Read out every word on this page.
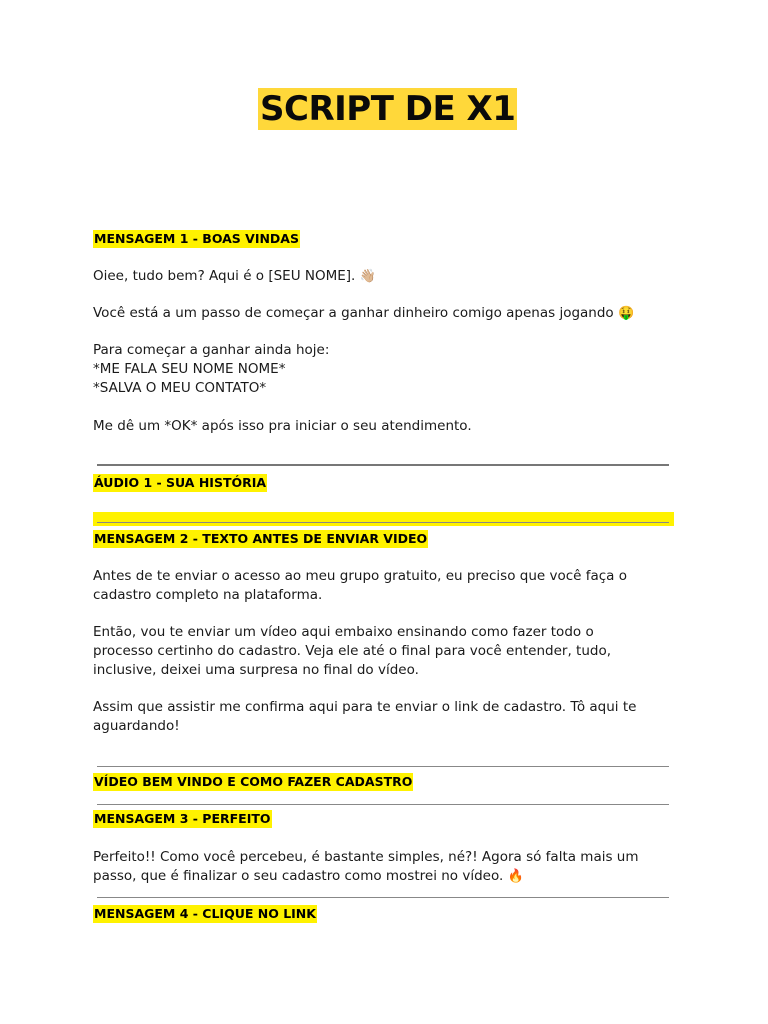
SCRIPT DE X1
MENSAGEM 1 - BOAS VINDAS
Oiee, tudo bem? Aqui é o [SEU NOME]. 👋🏼
Você está a um passo de começar a ganhar dinheiro comigo apenas jogando 🤑
Para começar a ganhar ainda hoje:
*ME FALA SEU NOME NOME*
*SALVA O MEU CONTATO*
Me dê um *OK* após isso pra iniciar o seu atendimento.
ÁUDIO 1 - SUA HISTÓRIA
MENSAGEM 2 - TEXTO ANTES DE ENVIAR VIDEO
Antes de te enviar o acesso ao meu grupo gratuito, eu preciso que você faça o
cadastro completo na plataforma.
Então, vou te enviar um vídeo aqui embaixo ensinando como fazer todo o
processo certinho do cadastro. Veja ele até o final para você entender, tudo,
inclusive, deixei uma surpresa no final do vídeo.
Assim que assistir me confirma aqui para te enviar o link de cadastro. Tô aqui te
aguardando!
VÍDEO BEM VINDO E COMO FAZER CADASTRO
MENSAGEM 3 - PERFEITO
Perfeito!! Como você percebeu, é bastante simples, né?! Agora só falta mais um
passo, que é finalizar o seu cadastro como mostrei no vídeo. 🔥
MENSAGEM 4 - CLIQUE NO LINK
